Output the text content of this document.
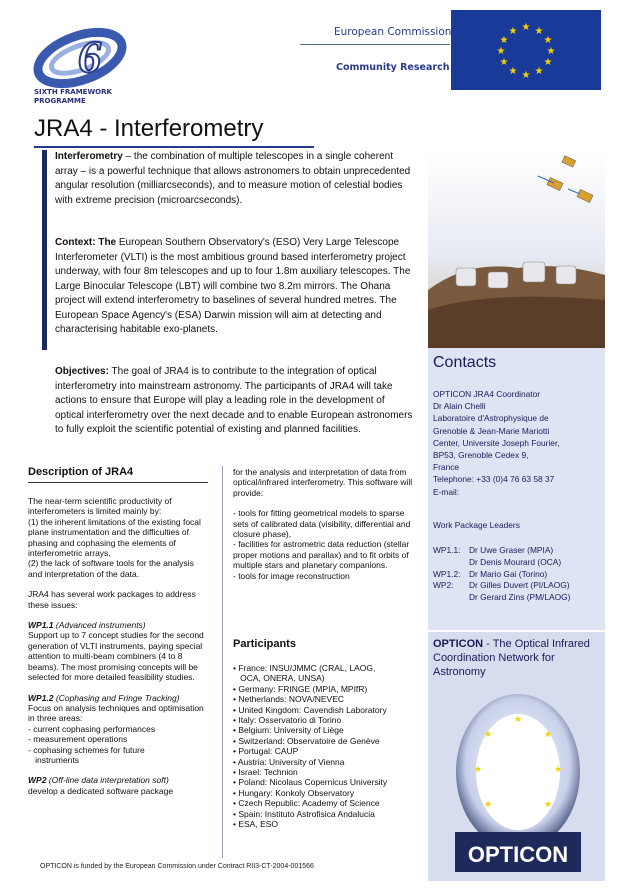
6
SIXTH FRAMEWORK
PROGRAMME
European Commission
Community Research
★ ★
★
★
★
★
★
★
★
★
★
★
JRA4 - Interferometry

Interferometry – the combination of multiple telescopes in a single coherent array – is a powerful technique that allows astronomers to obtain unprecedented angular resolution (milliarcseconds), and to measure motion of celestial bodies with extreme precision (microarcseconds).

Context: The European Southern Observatory's (ESO) Very Large Telescope Interferometer (VLTI) is the most ambitious ground based interferometry project underway, with four 8m telescopes and up to four 1.8m auxiliary telescopes. The Large Binocular Telescope (LBT) will combine two 8.2m mirrors. The Ohana project will extend interferometry to baselines of several hundred metres. The European Space Agency's (ESA) Darwin mission will aim at detecting and characterising habitable exo-planets.

Objectives: The goal of JRA4 is to contribute to the integration of optical interferometry into mainstream astronomy. The participants of JRA4 will take actions to ensure that Europe will play a leading role in the development of optical interferometry over the next decade and to enable European astronomers to fully exploit the scientific potential of existing and planned facilities.

Contacts
OPTICON JRA4 Coordinator
Dr Alain Chelli
Laboratoire d'Astrophysique de
Grenoble & Jean-Marie Mariotti
Center, Universite Joseph Fourier,
BP53, Grenoble Cedex 9,
France
Telephone: +33 (0)4 76 63 58 37
E-mail:
Work Package Leaders
WP1.1:	Dr Uwe Graser (MPIA)
Dr Denis Mourard (OCA)
WP1.2:	Dr Mario Gai (Torino)
WP2:	Dr Gilles Duvert (PI/LAOG)
Dr Gerard Zins (PM/LAOG)
OPTICON - The Optical Infrared Coordination Network for Astronomy
★
★
★
★
★
★
★
OPTICON
Description of JRA4

The near-term scientific productivity of interferometers is limited mainly by:

(1) the inherent limitations of the existing focal plane instrumentation and the difficulties of phasing and cophasing the elements of interferometric arrays,

(2) the lack of software tools for the analysis and interpretation of the data.

JRA4 has several work packages to address these issues:

WP1.1 (Advanced instruments)

Support up to 7 concept studies for the second generation of VLTI instruments, paying special attention to multi-beam combiners (4 to 8 beams). The most promising concepts will be selected for more detailed feasibility studies.

WP1.2 (Cophasing and Fringe Tracking)

Focus on analysis techniques and optimisation in three areas:

- current cophasing performances

- measurement operations

- cophasing schemes for future

instruments

WP2 (Off-line data interpretation soft)

develop a dedicated software package

for the analysis and interpretation of data from optical/infrared interferometry. This software will provide:

- tools for fitting geometrical models to sparse sets of calibrated data (visibility, differential and closure phase),

- facilities for astrometric data reduction (stellar proper motions and parallax) and to fit orbits of multiple stars and planetary companions.

- tools for image reconstruction

Participants
• France: INSU/JMMC (CRAL, LAOG,
OCA, ONERA, UNSA)
• Germany: FRINGE (MPIA, MPIfR)
• Netherlands: NOVA/NEVEC
• United Kingdom: Cavendish Laboratory
• Italy: Osservatorio di Torino
• Belgium: University of Liège
• Switzerland: Observatoire de Genève
• Portugal: CAUP
• Austria: University of Vienna
• Israel: Technion
• Poland: Nicolaus Copernicus University
• Hungary: Konkoly Observatory
• Czech Republic: Academy of Science
• Spain: Instituto Astrofisica Andalucia
• ESA, ESO
OPTICON is funded by the European Commission under Contract RII3-CT-2004-001566
